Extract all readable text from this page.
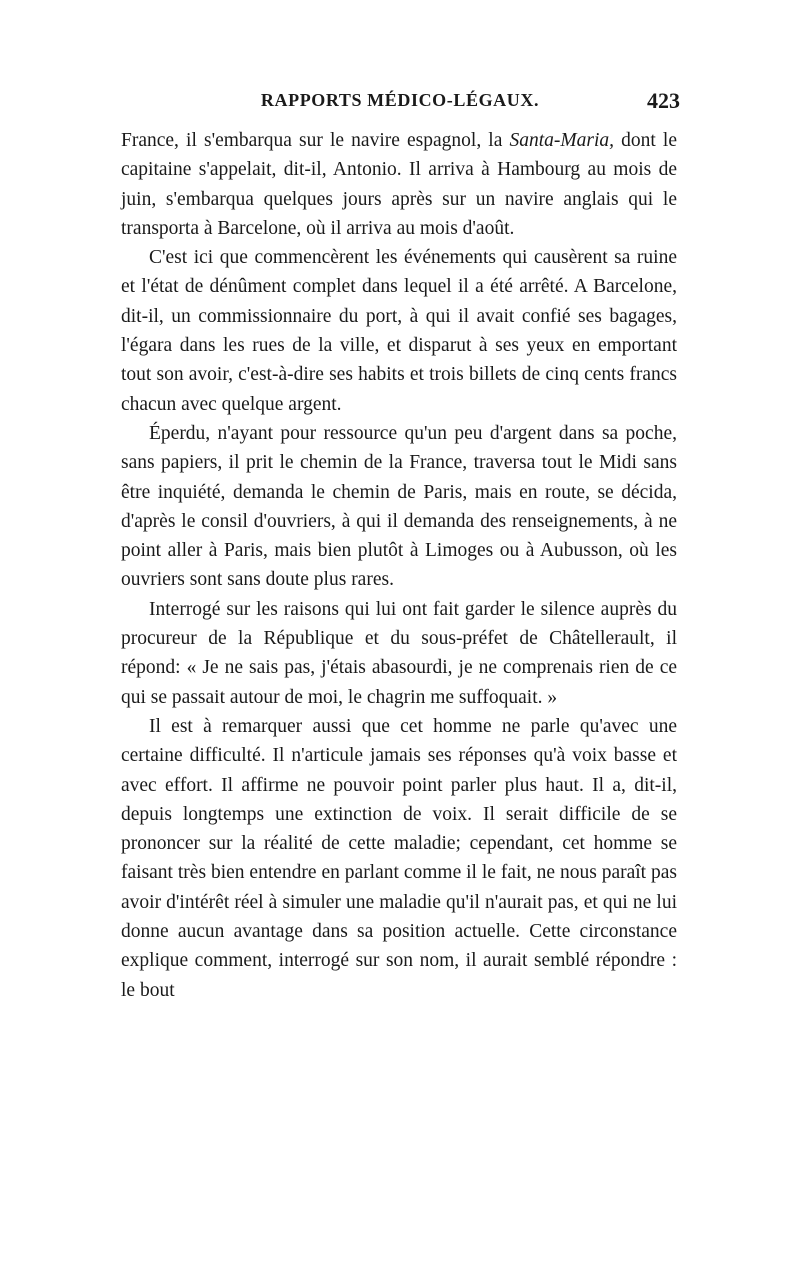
RAPPORTS MÉDICO-LÉGAUX.	423

France, il s'embarqua sur le navire espagnol, la Santa-Maria, dont le capitaine s'appelait, dit-il, Antonio. Il arriva à Hambourg au mois de juin, s'embarqua quelques jours après sur un navire anglais qui le transporta à Barcelone, où il arriva au mois d'août.

C'est ici que commencèrent les événements qui causèrent sa ruine et l'état de dénûment complet dans lequel il a été arrêté. A Barcelone, dit-il, un commissionnaire du port, à qui il avait confié ses bagages, l'égara dans les rues de la ville, et disparut à ses yeux en emportant tout son avoir, c'est-à-dire ses habits et trois billets de cinq cents francs chacun avec quelque argent.

Éperdu, n'ayant pour ressource qu'un peu d'argent dans sa poche, sans papiers, il prit le chemin de la France, traversa tout le Midi sans être inquiété, demanda le chemin de Paris, mais en route, se décida, d'après le consil d'ouvriers, à qui il demanda des renseignements, à ne point aller à Paris, mais bien plutôt à Limoges ou à Aubusson, où les ouvriers sont sans doute plus rares.

Interrogé sur les raisons qui lui ont fait garder le silence auprès du procureur de la République et du sous-préfet de Châtellerault, il répond: « Je ne sais pas, j'étais abasourdi, je ne comprenais rien de ce qui se passait autour de moi, le chagrin me suffoquait. »

Il est à remarquer aussi que cet homme ne parle qu'avec une certaine difficulté. Il n'articule jamais ses réponses qu'à voix basse et avec effort. Il affirme ne pouvoir point parler plus haut. Il a, dit-il, depuis longtemps une extinction de voix. Il serait difficile de se prononcer sur la réalité de cette maladie; cependant, cet homme se faisant très bien entendre en parlant comme il le fait, ne nous paraît pas avoir d'intérêt réel à simuler une maladie qu'il n'aurait pas, et qui ne lui donne aucun avantage dans sa position actuelle. Cette circonstance explique comment, interrogé sur son nom, il aurait semblé répondre : le bout
